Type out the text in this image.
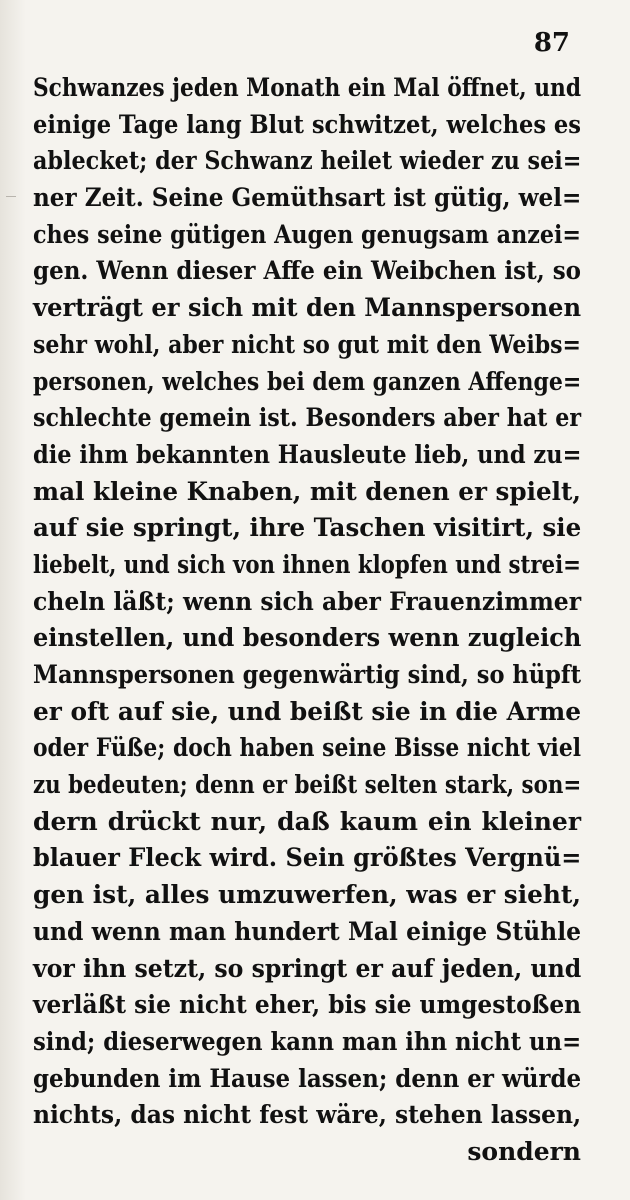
87

Schwanzes jeden Monath ein Mal öffnet, und
einige Tage lang Blut schwitzet, welches es
ablecket; der Schwanz heilet wieder zu sei=
ner Zeit. Seine Gemüthsart ist gütig, wel=
ches seine gütigen Augen genugsam anzei=
gen. Wenn dieser Affe ein Weibchen ist, so
verträgt er sich mit den Mannspersonen
sehr wohl, aber nicht so gut mit den Weibs=
personen, welches bei dem ganzen Affenge=
schlechte gemein ist. Besonders aber hat er
die ihm bekannten Hausleute lieb, und zu=
mal kleine Knaben, mit denen er spielt,
auf sie springt, ihre Taschen visitirt, sie
liebelt, und sich von ihnen klopfen und strei=
cheln läßt; wenn sich aber Frauenzimmer
einstellen, und besonders wenn zugleich
Mannspersonen gegenwärtig sind, so hüpft
er oft auf sie, und beißt sie in die Arme
oder Füße; doch haben seine Bisse nicht viel
zu bedeuten; denn er beißt selten stark, son=
dern drückt nur, daß kaum ein kleiner
blauer Fleck wird. Sein größtes Vergnü=
gen ist, alles umzuwerfen, was er sieht,
und wenn man hundert Mal einige Stühle
vor ihn setzt, so springt er auf jeden, und
verläßt sie nicht eher, bis sie umgestoßen
sind; dieserwegen kann man ihn nicht un=
gebunden im Hause lassen; denn er würde
nichts, das nicht fest wäre, stehen lassen,
sondern
